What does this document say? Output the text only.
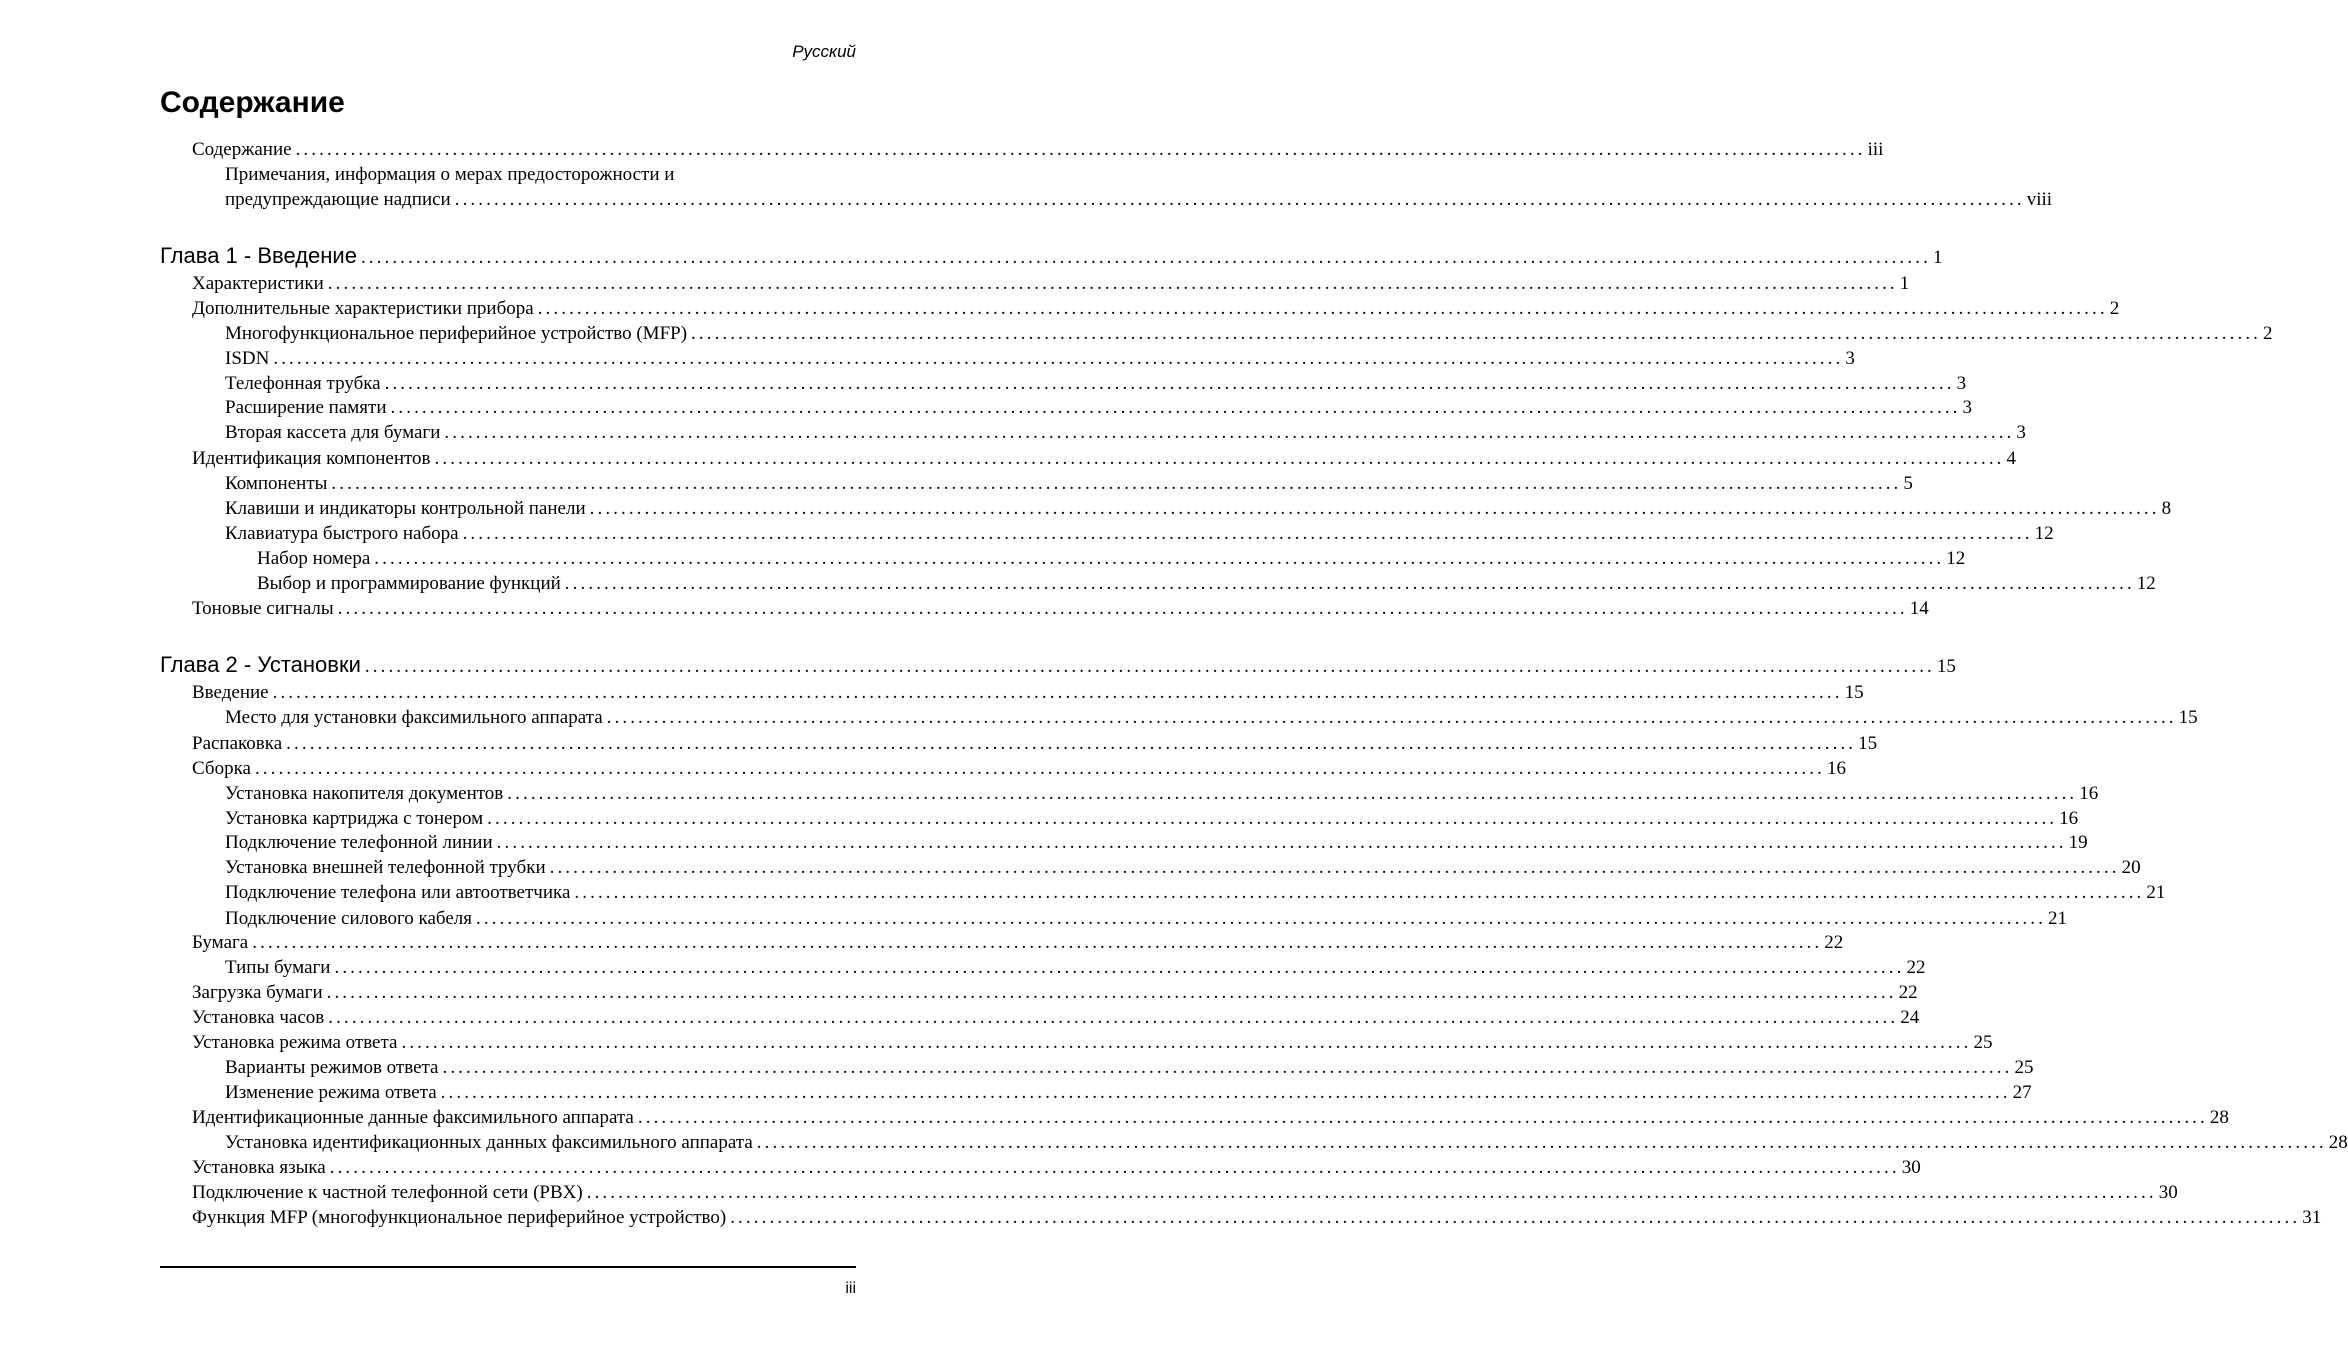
Русский
Содержание
Содержание ........................................................................................................................................................................................................ iii
Примечания, информация о мерах предосторожности и
предупреждающие надписи ........................................................................................................................................................................................................ viii
Глава 1 - Введение ........................................................................................................................................................................................................ 1
Характеристики ........................................................................................................................................................................................................ 1
Дополнительные характеристики прибора ........................................................................................................................................................................................................ 2
Многофункциональное периферийное устройство (MFP) ........................................................................................................................................................................................................ 2
ISDN ........................................................................................................................................................................................................ 3
Телефонная трубка ........................................................................................................................................................................................................ 3
Расширение памяти ........................................................................................................................................................................................................ 3
Вторая кассета для бумаги ........................................................................................................................................................................................................ 3
Идентификация компонентов ........................................................................................................................................................................................................ 4
Компоненты ........................................................................................................................................................................................................ 5
Клавиши и индикаторы контрольной панели ........................................................................................................................................................................................................ 8
Клавиатура быстрого набора ........................................................................................................................................................................................................ 12
Набор номера ........................................................................................................................................................................................................ 12
Выбор и программирование функций ........................................................................................................................................................................................................ 12
Тоновые сигналы ........................................................................................................................................................................................................ 14
Глава 2 - Установки ........................................................................................................................................................................................................ 15
Введение ........................................................................................................................................................................................................ 15
Место для установки факсимильного аппарата ........................................................................................................................................................................................................ 15
Распаковка ........................................................................................................................................................................................................ 15
Сборка ........................................................................................................................................................................................................ 16
Установка накопителя документов ........................................................................................................................................................................................................ 16
Установка картриджа с тонером ........................................................................................................................................................................................................ 16
Подключение телефонной линии ........................................................................................................................................................................................................ 19
Установка внешней телефонной трубки ........................................................................................................................................................................................................ 20
Подключение телефона или автоответчика ........................................................................................................................................................................................................ 21
Подключение силового кабеля ........................................................................................................................................................................................................ 21
Бумага ........................................................................................................................................................................................................ 22
Типы бумаги ........................................................................................................................................................................................................ 22
Загрузка бумаги ........................................................................................................................................................................................................ 22
Установка часов ........................................................................................................................................................................................................ 24
Установка режима ответа ........................................................................................................................................................................................................ 25
Варианты режимов ответа ........................................................................................................................................................................................................ 25
Изменение режима ответа ........................................................................................................................................................................................................ 27
Идентификационные данные факсимильного аппарата ........................................................................................................................................................................................................ 28
Установка идентификационных данных факсимильного аппарата ........................................................................................................................................................................................................ 28
Установка языка ........................................................................................................................................................................................................ 30
Подключение к частной телефонной сети (PBX) ........................................................................................................................................................................................................ 30
Функция MFP (многофункциональное периферийное устройство) ........................................................................................................................................................................................................ 31
iii
